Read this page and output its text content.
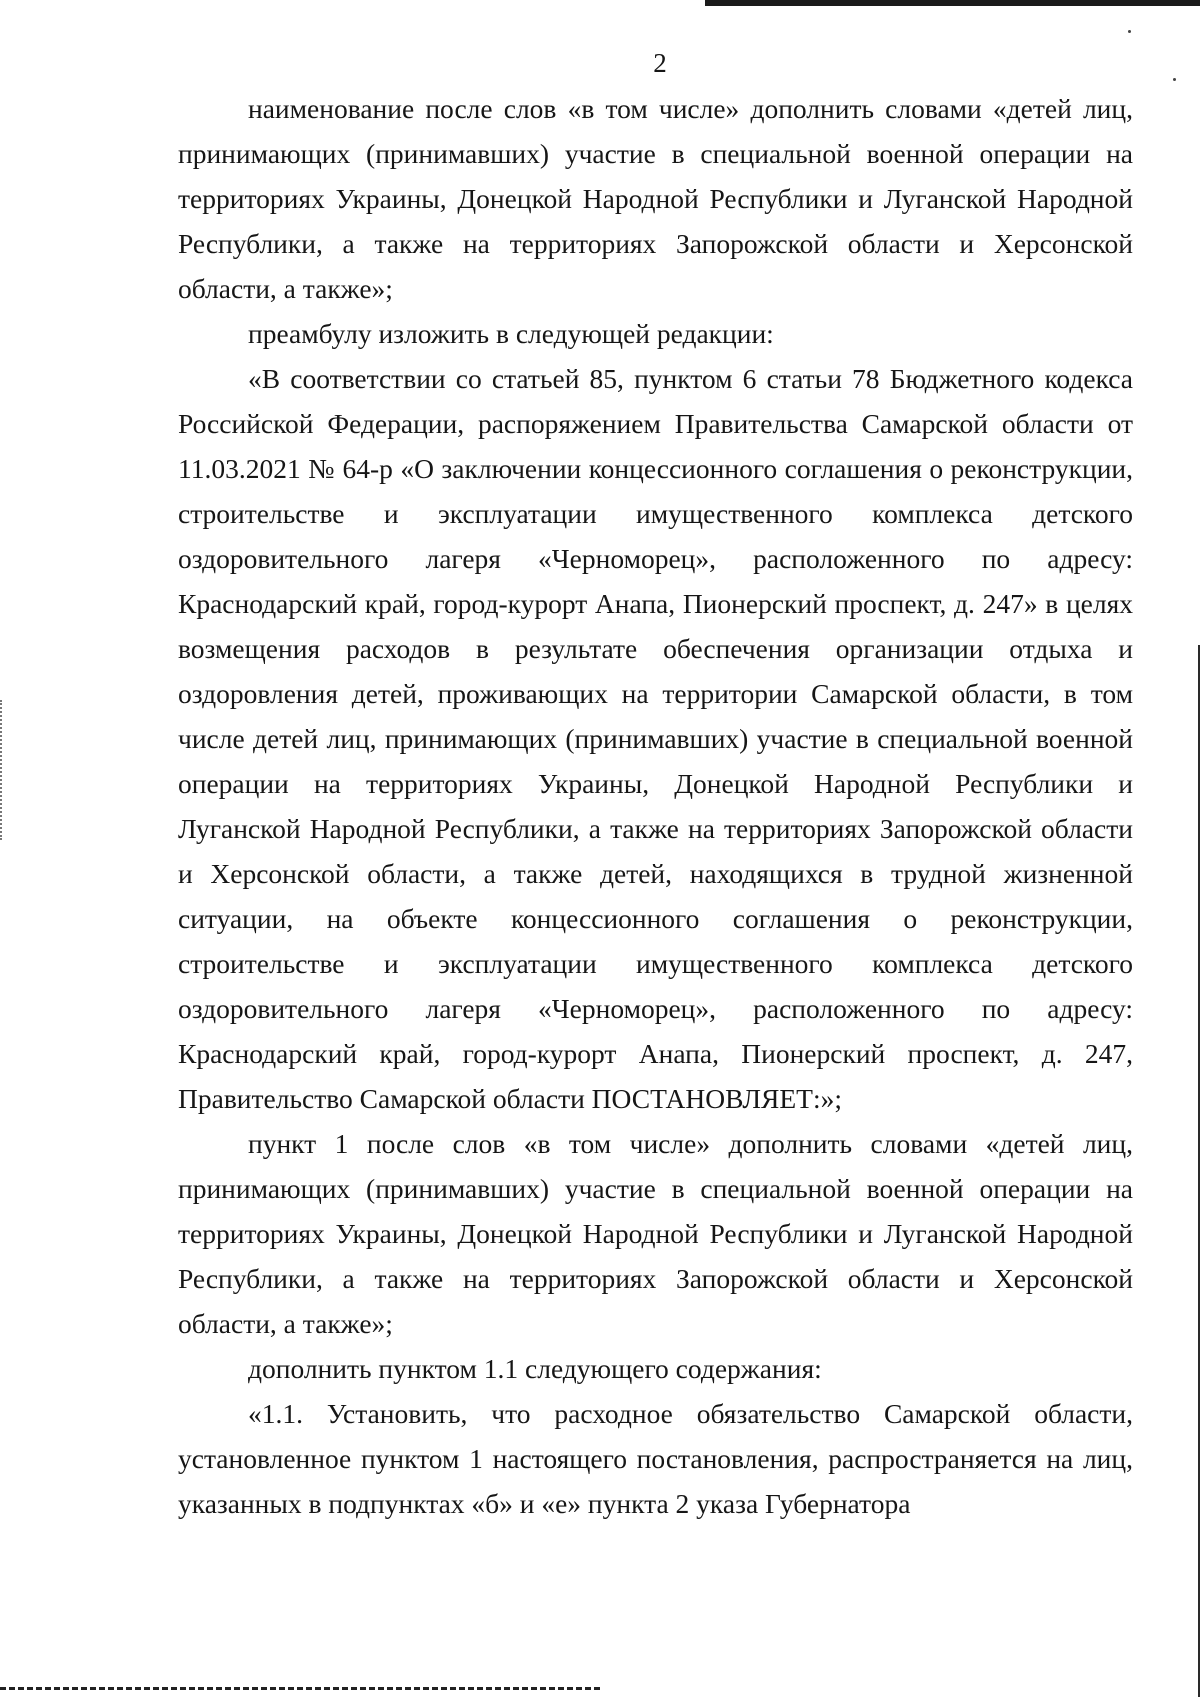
2

наименование после слов «в том числе» дополнить словами «детей лиц, принимающих (принимавших) участие в специальной военной операции на территориях Украины, Донецкой Народной Республики и Луганской Народной Республики, а также на территориях Запорожской области и Херсонской области, а также»;

преамбулу изложить в следующей редакции:

«В соответствии со статьей 85, пунктом 6 статьи 78 Бюджетного кодекса Российской Федерации, распоряжением Правительства Самарской области от 11.03.2021 № 64-р «О заключении концессионного соглашения о реконструкции, строительстве и эксплуатации имущественного комплекса детского оздоровительного лагеря «Черноморец», расположенного по адресу: Краснодарский край, город-курорт Анапа, Пионерский проспект, д. 247» в целях возмещения расходов в результате обеспечения организации отдыха и оздоровления детей, проживающих на территории Самарской области, в том числе детей лиц, принимающих (принимавших) участие в специальной военной операции на территориях Украины, Донецкой Народной Республики и Луганской Народной Республики, а также на территориях Запорожской области и Херсонской области, а также детей, находящихся в трудной жизненной ситуации, на объекте концессионного соглашения о реконструкции, строительстве и эксплуатации имущественного комплекса детского оздоровительного лагеря «Черноморец», расположенного по адресу: Краснодарский край, город-курорт Анапа, Пионерский проспект, д. 247, Правительство Самарской области ПОСТАНОВЛЯЕТ:»;

пункт 1 после слов «в том числе» дополнить словами «детей лиц, принимающих (принимавших) участие в специальной военной операции на территориях Украины, Донецкой Народной Республики и Луганской Народной Республики, а также на территориях Запорожской области и Херсонской области, а также»;

дополнить пунктом 1.1 следующего содержания:

«1.1. Установить, что расходное обязательство Самарской области, установленное пунктом 1 настоящего постановления, распространяется на лиц, указанных в подпунктах «б» и «е» пункта 2 указа Губернатора
